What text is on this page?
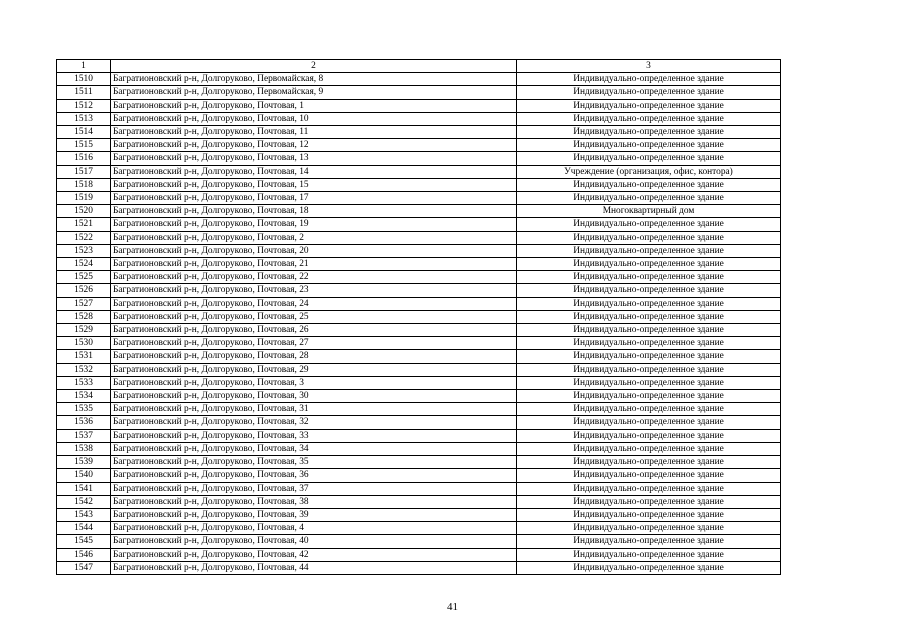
1	2	3
1510	Багратионовский р-н, Долгоруково, Первомайская, 8	Индивидуально-определенное здание
1511	Багратионовский р-н, Долгоруково, Первомайская, 9	Индивидуально-определенное здание
1512	Багратионовский р-н, Долгоруково, Почтовая, 1	Индивидуально-определенное здание
1513	Багратионовский р-н, Долгоруково, Почтовая, 10	Индивидуально-определенное здание
1514	Багратионовский р-н, Долгоруково, Почтовая, 11	Индивидуально-определенное здание
1515	Багратионовский р-н, Долгоруково, Почтовая, 12	Индивидуально-определенное здание
1516	Багратионовский р-н, Долгоруково, Почтовая, 13	Индивидуально-определенное здание
1517	Багратионовский р-н, Долгоруково, Почтовая, 14	Учреждение (организация, офис, контора)
1518	Багратионовский р-н, Долгоруково, Почтовая, 15	Индивидуально-определенное здание
1519	Багратионовский р-н, Долгоруково, Почтовая, 17	Индивидуально-определенное здание
1520	Багратионовский р-н, Долгоруково, Почтовая, 18	Многоквартирный дом
1521	Багратионовский р-н, Долгоруково, Почтовая, 19	Индивидуально-определенное здание
1522	Багратионовский р-н, Долгоруково, Почтовая, 2	Индивидуально-определенное здание
1523	Багратионовский р-н, Долгоруково, Почтовая, 20	Индивидуально-определенное здание
1524	Багратионовский р-н, Долгоруково, Почтовая, 21	Индивидуально-определенное здание
1525	Багратионовский р-н, Долгоруково, Почтовая, 22	Индивидуально-определенное здание
1526	Багратионовский р-н, Долгоруково, Почтовая, 23	Индивидуально-определенное здание
1527	Багратионовский р-н, Долгоруково, Почтовая, 24	Индивидуально-определенное здание
1528	Багратионовский р-н, Долгоруково, Почтовая, 25	Индивидуально-определенное здание
1529	Багратионовский р-н, Долгоруково, Почтовая, 26	Индивидуально-определенное здание
1530	Багратионовский р-н, Долгоруково, Почтовая, 27	Индивидуально-определенное здание
1531	Багратионовский р-н, Долгоруково, Почтовая, 28	Индивидуально-определенное здание
1532	Багратионовский р-н, Долгоруково, Почтовая, 29	Индивидуально-определенное здание
1533	Багратионовский р-н, Долгоруково, Почтовая, 3	Индивидуально-определенное здание
1534	Багратионовский р-н, Долгоруково, Почтовая, 30	Индивидуально-определенное здание
1535	Багратионовский р-н, Долгоруково, Почтовая, 31	Индивидуально-определенное здание
1536	Багратионовский р-н, Долгоруково, Почтовая, 32	Индивидуально-определенное здание
1537	Багратионовский р-н, Долгоруково, Почтовая, 33	Индивидуально-определенное здание
1538	Багратионовский р-н, Долгоруково, Почтовая, 34	Индивидуально-определенное здание
1539	Багратионовский р-н, Долгоруково, Почтовая, 35	Индивидуально-определенное здание
1540	Багратионовский р-н, Долгоруково, Почтовая, 36	Индивидуально-определенное здание
1541	Багратионовский р-н, Долгоруково, Почтовая, 37	Индивидуально-определенное здание
1542	Багратионовский р-н, Долгоруково, Почтовая, 38	Индивидуально-определенное здание
1543	Багратионовский р-н, Долгоруково, Почтовая, 39	Индивидуально-определенное здание
1544	Багратионовский р-н, Долгоруково, Почтовая, 4	Индивидуально-определенное здание
1545	Багратионовский р-н, Долгоруково, Почтовая, 40	Индивидуально-определенное здание
1546	Багратионовский р-н, Долгоруково, Почтовая, 42	Индивидуально-определенное здание
1547	Багратионовский р-н, Долгоруково, Почтовая, 44	Индивидуально-определенное здание
41
